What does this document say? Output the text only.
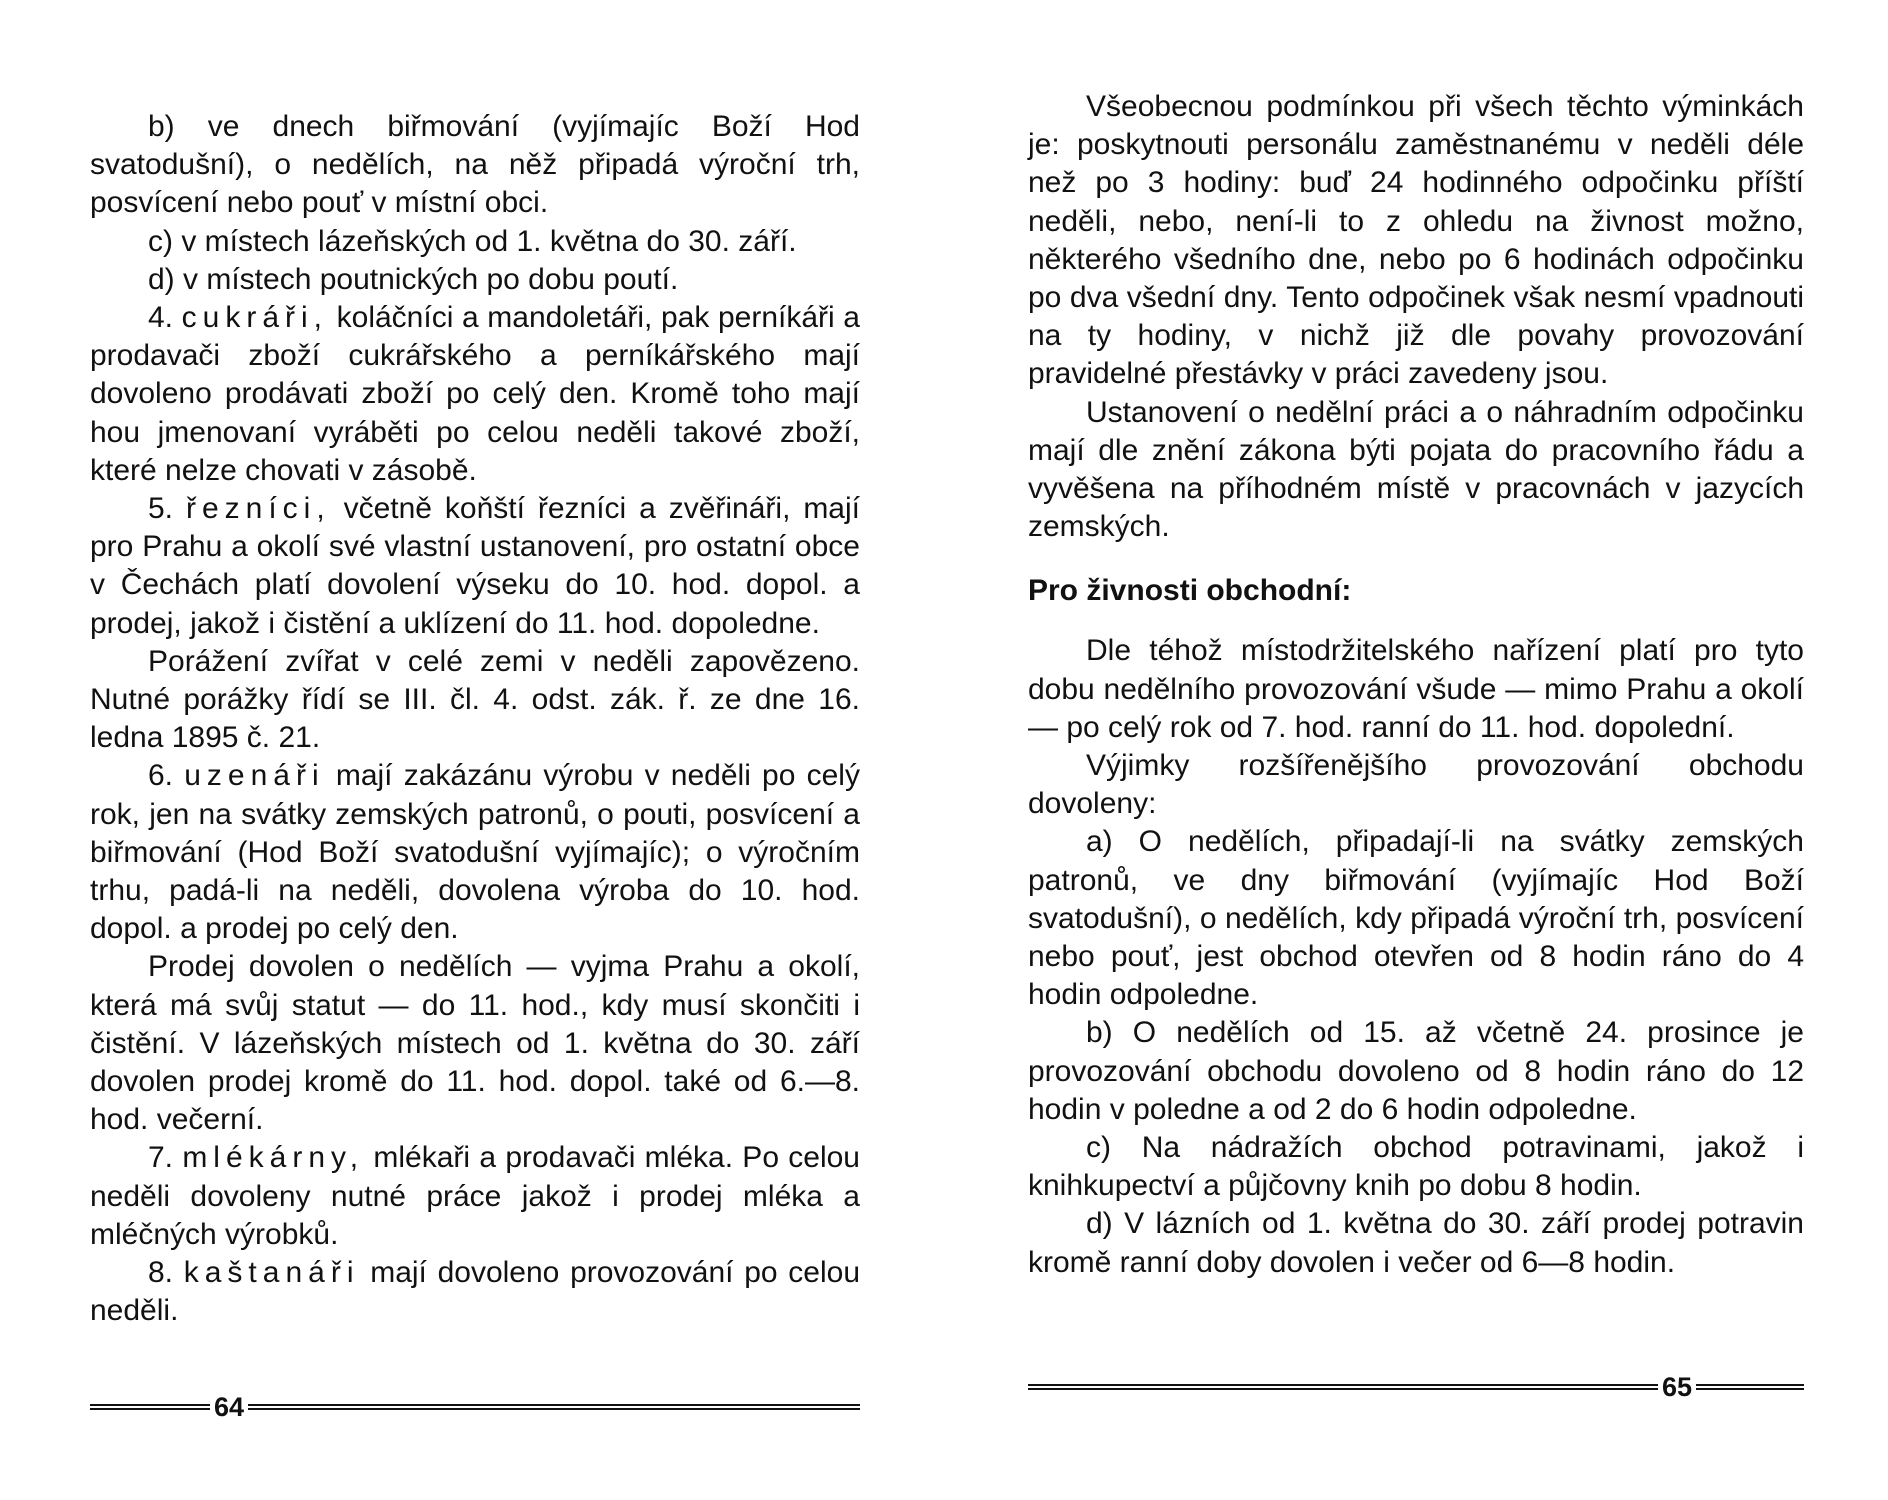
b) ve dnech biřmování (vyjímajíc Boží Hod svatodušní), o nedělích, na něž připadá výroční trh, posvícení nebo pouť v místní obci.

c) v místech lázeňských od 1. května do 30. září.

d) v místech poutnických po dobu poutí.

4. cukráři, koláčníci a mandoletáři, pak perníkáři a prodavači zboží cukrářského a perníkářského mají dovoleno prodávati zboží po celý den. Kromě toho mají hou jmenovaní vyráběti po celou neděli takové zboží, které nelze chovati v zásobě.

5. řezníci, včetně koňští řezníci a zvěřináři, mají pro Prahu a okolí své vlastní ustanovení, pro ostatní obce v Čechách platí dovolení výseku do 10. hod. dopol. a prodej, jakož i čistění a uklízení do 11. hod. dopoledne.

Porážení zvířat v celé zemi v neděli zapovězeno. Nutné porážky řídí se III. čl. 4. odst. zák. ř. ze dne 16. ledna 1895 č. 21.

6. uzenáři mají zakázánu výrobu v neděli po celý rok, jen na svátky zemských patronů, o pouti, posvícení a biřmování (Hod Boží svatodušní vyjímajíc); o výročním trhu, padá-li na neděli, dovolena výroba do 10. hod. dopol. a prodej po celý den.

Prodej dovolen o nedělích — vyjma Prahu a okolí, která má svůj statut — do 11. hod., kdy musí skončiti i čistění. V lázeňských místech od 1. května do 30. září dovolen prodej kromě do 11. hod. dopol. také od 6.—8. hod. večerní.

7. mlékárny, mlékaři a prodavači mléka. Po celou neděli dovoleny nutné práce jakož i prodej mléka a mléčných výrobků.

8. kaštanáři mají dovoleno provozování po celou neděli.

64

Všeobecnou podmínkou při všech těchto výminkách je: poskytnouti personálu zaměstnanému v neděli déle než po 3 hodiny: buď 24 hodinného odpočinku příští neděli, nebo, není-li to z ohledu na živnost možno, některého všedního dne, nebo po 6 hodinách odpočinku po dva všední dny. Tento odpočinek však nesmí vpadnouti na ty hodiny, v nichž již dle povahy provozování pravidelné přestávky v práci zavedeny jsou.

Ustanovení o nedělní práci a o náhradním odpočinku mají dle znění zákona býti pojata do pracovního řádu a vyvěšena na příhodném místě v pracovnách v jazycích zemských.

Pro živnosti obchodní:

Dle téhož místodržitelského nařízení platí pro tyto dobu nedělního provozování všude — mimo Prahu a okolí — po celý rok od 7. hod. ranní do 11. hod. dopolední.

Výjimky rozšířenějšího provozování obchodu dovoleny:

a) O nedělích, připadají-li na svátky zemských patronů, ve dny biřmování (vyjímajíc Hod Boží svatodušní), o nedělích, kdy připadá výroční trh, posvícení nebo pouť, jest obchod otevřen od 8 hodin ráno do 4 hodin odpoledne.

b) O nedělích od 15. až včetně 24. prosince je provozování obchodu dovoleno od 8 hodin ráno do 12 hodin v poledne a od 2 do 6 hodin odpoledne.

c) Na nádražích obchod potravinami, jakož i knihkupectví a půjčovny knih po dobu 8 hodin.

d) V lázních od 1. května do 30. září prodej potravin kromě ranní doby dovolen i večer od 6—8 hodin.

65
